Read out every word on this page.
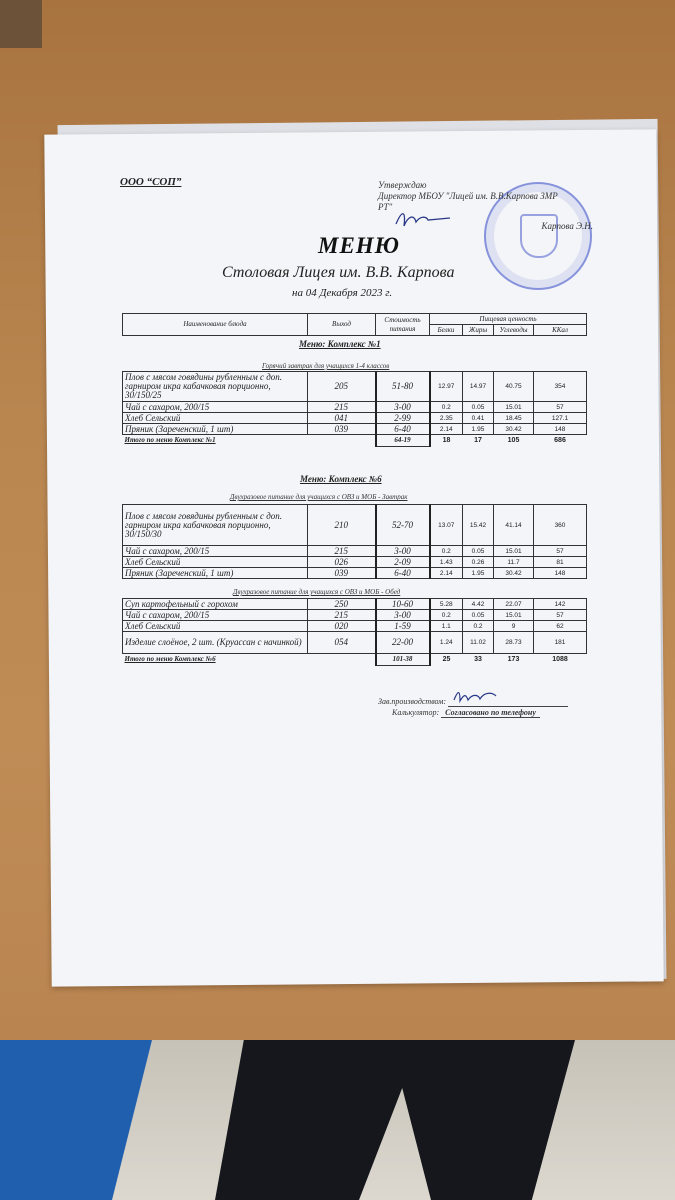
ООО “СОП”	Утверждаю
Директор МБОУ "Лицей им. В.В.Карпова ЗМР
РТ"
Карпова Э.Н.
МЕНЮ
Столовая Лицея им. В.В. Карпова
на 04 Декабря 2023 г.
Наименование блюда	Выход	Стоимость питания	Пищевая ценность			
			Белки	Жиры	Углеводы	ККал
Меню: Комплекс №1
Горячий завтрак для учащихся 1-4 классов
Плов с мясом говядины рубленным с доп. гарниром икра кабачковая порционно, 30/150/25	205	51-80	12.97	14.97	40.75	354
Чай с сахаром, 200/15	215	3-00	0.2	0.05	15.01	57
Хлеб Сельский	041	2-99	2.35	0.41	18.45	127.1
Пряник (Зареченский, 1 шт)	039	6-40	2.14	1.95	30.42	148
Итого по меню Комплекс №1		64-19	18	17	105	686
Меню: Комплекс №6
Двухразовое питание для учащихся с ОВЗ и МОБ - Завтрак
Плов с мясом говядины рубленным с доп. гарниром икра кабачковая порционно, 30/150/30	210	52-70	13.07	15.42	41.14	360
Чай с сахаром, 200/15	215	3-00	0.2	0.05	15.01	57
Хлеб Сельский	026	2-09	1.43	0.26	11.7	81
Пряник (Зареченский, 1 шт)	039	6-40	2.14	1.95	30.42	148
Двухразовое питание для учащихся с ОВЗ и МОБ - Обед
Суп картофельный с горохом	250	10-60	5.28	4.42	22.07	142
Чай с сахаром, 200/15	215	3-00	0.2	0.05	15.01	57
Хлеб Сельский	020	1-59	1.1	0.2	9	62
Изделие слоёное, 2 шт. (Круассан с начинкой)	054	22-00	1.24	11.02	28.73	181
Итого по меню Комплекс №6		101-38	25	33	173	1088
Зав.производством:
Калькулятор: Согласовано по телефону
